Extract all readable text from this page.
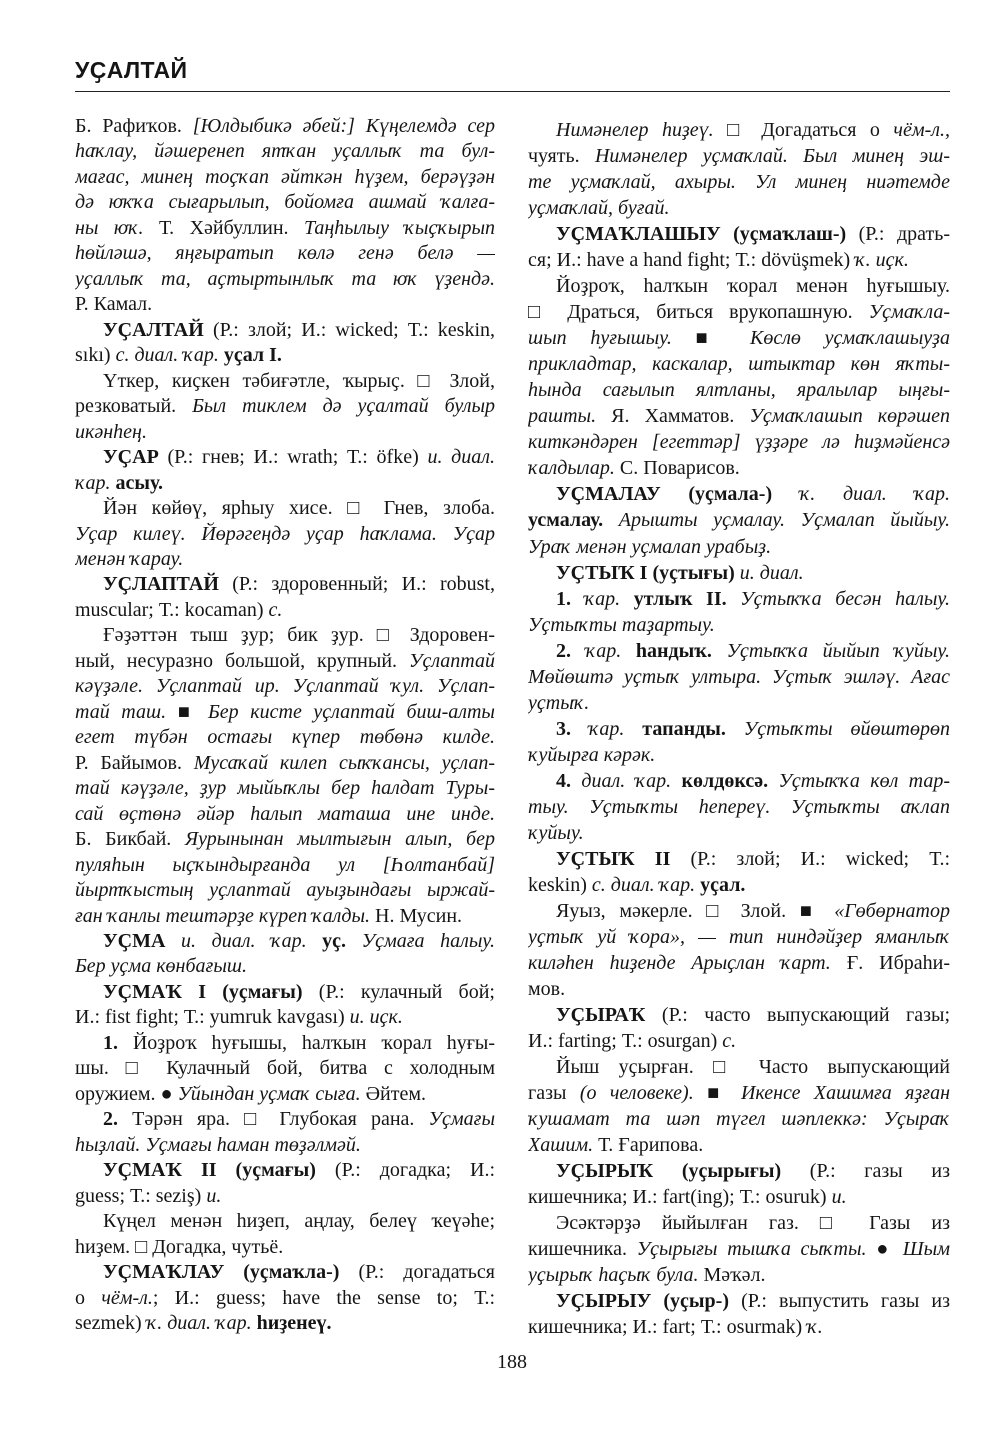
УҪАЛТАЙ
Б. Рафиҡов. [Юлдыбикә әбей:] Күңелемдә сер
һаҡлау, йәшеренеп ятҡан уҫаллыҡ та бул-
мағас, минең тоҫҡап әйткән һүҙем, берәүҙән
дә юҡҡа сығарылып, бойомға ашмай ҡалға-
ны юҡ. Т. Хәйбуллин. Таңһылыу ҡыҫҡырып
һөйләшә, яңғыратып көлә генә белә —
уҫаллыҡ та, аҫтыртынлыҡ та юҡ үҙендә.
Р. Камал.
УҪАЛТАЙ (Р.: злой; И.: wicked; Т.: keskin,
sıkı) с. диал. ҡар. уҫал I.
Үткер, киҫкен тәбиғәтле, ҡырыҫ. □ Злой,
резковатый. Был тиклем дә уҫалтай булыр
икәнһең.
УҪАР (Р.: гнев; И.: wrath; Т.: öfke) и. диал.
ҡар. асыу.
Йән көйөү, ярһыу хисе. □ Гнев, злоба.
Уҫар килеү. Йөрәгеңдә уҫар һаҡлама. Уҫар
менән ҡарау.
УҪЛАПТАЙ (Р.: здоровенный; И.: robust,
muscular; Т.: kocaman) с.
Ғәҙәттән тыш ҙур; бик ҙур. □ Здоровен-
ный, несуразно большой, крупный. Уҫлаптай
кәүҙәле. Уҫлаптай ир. Уҫлаптай ҡул. Уҫлап-
тай таш. ■ Бер кисте уҫлаптай биш-алты
егет түбән остағы күпер төбөнә килде.
Р. Байымов. Мусаҡай килеп сыҡҡансы, уҫлап-
тай кәүҙәле, ҙур мыйыҡлы бер һалдат Туры-
сай өҫтөнә әйәр һалып маташа ине инде.
Б. Бикбай. Яурынынан мылтығын алып, бер
пуляһын ыҫҡындырғанда ул [Һолтанбай]
йыртҡыстың уҫлаптай ауыҙындағы ыржай-
ған ҡанлы тештәрҙе күреп ҡалды. Н. Мусин.
УҪМА и. диал. ҡар. уҫ. Уҫмаға һалыу.
Бер уҫма көнбағыш.
УҪМАҠ I (уҫмағы) (Р.: кулачный бой;
И.: fist fight; Т.: yumruk kavgası) и. иҫк.
1. Йоҙроҡ һуғышы, һалҡын ҡорал һуғы-
шы. □ Кулачный бой, битва с холодным
оружием. ● Уйындан уҫмаҡ сыға. Әйтем.
2. Тәрән яра. □ Глубокая рана. Уҫмағы
һыҙлай. Уҫмағы һаман төҙәлмәй.
УҪМАҠ II (уҫмағы) (Р.: догадка; И.:
guess; Т.: seziş) и.
Күңел менән һиҙеп, аңлау, белеү ҡеүәһе;
һиҙем. □ Догадка, чутьё.
УҪМАҠЛАУ (уҫмаҡла-) (Р.: догадаться
о чём-л.; И.: guess; have the sense to; Т.:
sezmek) ҡ. диал. ҡар. һиҙенеү.
Нимәнелер һиҙеү. □ Догадаться о чём-л.,
чуять. Нимәнелер уҫмаҡлай. Был минең эш-
те уҫмаҡлай, ахыры. Ул минең ниәтемде
уҫмаҡлай, буғай.
УҪМАҠЛАШЫУ (уҫмаҡлаш-) (Р.: драть-
ся; И.: have a hand fight; Т.: dövüşmek) ҡ. иҫк.
Йоҙроҡ, һалҡын ҡорал менән һуғышыу.
□ Драться, биться врукопашную. Уҫмаҡла-
шып һуғышыу. ■ Көслө уҫмаҡлашыуҙа
прикладтар, каскалар, штыктар көн яҡты-
һында сағылып ялтланы, яралылар ыңғы-
рашты. Я. Хамматов. Уҫмаҡлашып көрәшеп
киткәндәрен [егеттәр] үҙҙәре лә һиҙмәйенсә
ҡалдылар. С. Поварисов.
УҪМАЛАУ (уҫмала-) ҡ. диал. ҡар.
усмалау. Арышты уҫмалау. Уҫмалап йыйыу.
Ураҡ менән уҫмалап урабыҙ.
УҪТЫҠ I (уҫтығы) и. диал.
1. ҡар. утлыҡ II. Уҫтыҡҡа бесән һалыу.
Уҫтыҡты таҙартыу.
2. ҡар. һандыҡ. Уҫтыҡҡа йыйып ҡуйыу.
Мөйөштә уҫтыҡ ултыра. Уҫтыҡ эшләү. Ағас
уҫтыҡ.
3. ҡар. тапанды. Уҫтыҡты өйөштөрөп
ҡуйырға кәрәк.
4. диал. ҡар. көлдөксә. Уҫтыҡҡа көл тар-
тыу. Уҫтыҡты һепереү. Уҫтыҡты аҡлап
ҡуйыу.
УҪТЫҠ II (Р.: злой; И.: wicked; Т.:
keskin) с. диал. ҡар. уҫал.
Яуыз, мәкерле. □ Злой. ■ «Гөбөрнатор
уҫтыҡ уй ҡора», — тип ниндәйҙер яманлыҡ
киләһен һиҙенде Арыҫлан ҡарт. Ғ. Ибраһи-
мов.
УҪЫРАҠ (Р.: часто выпускающий газы;
И.: farting; Т.: osurgan) с.
Йыш уҫырған. □ Часто выпускающий
газы (о человеке). ■ Икенсе Хашимға яҙған
ҡушамат та шәп түгел шәплеккә: Уҫыраҡ
Хашим. Т. Ғарипова.
УҪЫРЫҠ (уҫырығы) (Р.: газы из
кишечника; И.: fart(ing); Т.: osuruk) и.
Эсәктәрҙә йыйылған газ. □ Газы из
кишечника. Уҫырығы тышҡа сыҡты. ● Шым
уҫырыҡ һаҫыҡ була. Мәҡәл.
УҪЫРЫУ (уҫыр-) (Р.: выпустить газы из
кишечника; И.: fart; Т.: osurmak) ҡ.
188
